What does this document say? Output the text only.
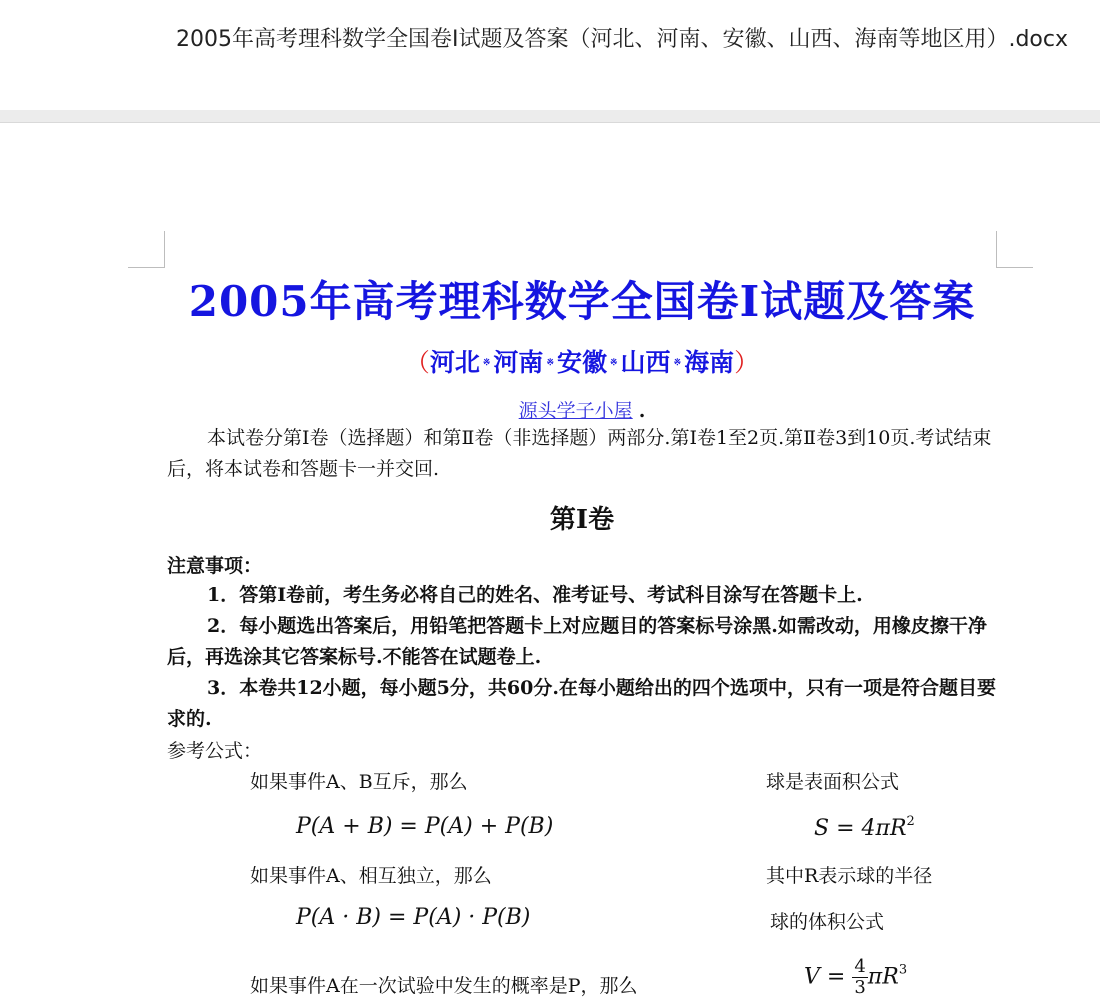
2005年高考理科数学全国卷Ⅰ试题及答案（河北、河南、安徽、山西、海南等地区用）.docx
2005年高考理科数学全国卷Ⅰ试题及答案
（河北 ※ 河南 ※ 安徽 ※ 山西 ※ 海南）
源头学子小屋 .
本试卷分第Ⅰ卷（选择题）和第Ⅱ卷（非选择题）两部分.第Ⅰ卷1至2页.第Ⅱ卷3到10页.考试结束后，将本试卷和答题卡一并交回.
第Ⅰ卷
注意事项：
1．答第Ⅰ卷前，考生务必将自己的姓名、准考证号、考试科目涂写在答题卡上.
2．每小题选出答案后，用铅笔把答题卡上对应题目的答案标号涂黑.如需改动，用橡皮擦干净后，再选涂其它答案标号.不能答在试题卷上.
3．本卷共12小题，每小题5分，共60分.在每小题给出的四个选项中，只有一项是符合题目要求的.
参考公式：
如果事件A、B互斥，那么	球是表面积公式
P(A + B) = P(A) + P(B)	$S = 4\pi R^2$
如果事件A、相互独立，那么	其中R表示球的半径
P(A · B) = P(A) · P(B)	球的体积公式
如果事件A在一次试验中发生的概率是P，那么	$V = \frac{4}{3} \pi R^3$
